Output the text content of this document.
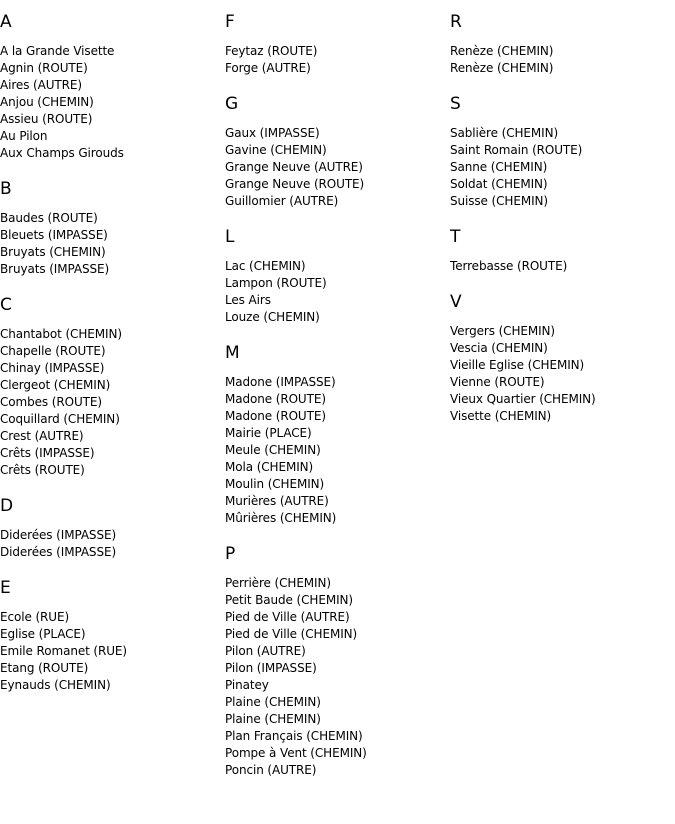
A
A la Grande Visette
Agnin (ROUTE)
Aires (AUTRE)
Anjou (CHEMIN)
Assieu (ROUTE)
Au Pilon
Aux Champs Girouds
B
Baudes (ROUTE)
Bleuets (IMPASSE)
Bruyats (CHEMIN)
Bruyats (IMPASSE)
C
Chantabot (CHEMIN)
Chapelle (ROUTE)
Chinay (IMPASSE)
Clergeot (CHEMIN)
Combes (ROUTE)
Coquillard (CHEMIN)
Crest (AUTRE)
Crêts (IMPASSE)
Crêts (ROUTE)
D
Diderées (IMPASSE)
Diderées (IMPASSE)
E
Ecole (RUE)
Eglise (PLACE)
Emile Romanet (RUE)
Etang (ROUTE)
Eynauds (CHEMIN)
F
Feytaz (ROUTE)
Forge (AUTRE)
G
Gaux (IMPASSE)
Gavine (CHEMIN)
Grange Neuve (AUTRE)
Grange Neuve (ROUTE)
Guillomier (AUTRE)
L
Lac (CHEMIN)
Lampon (ROUTE)
Les Airs
Louze (CHEMIN)
M
Madone (IMPASSE)
Madone (ROUTE)
Madone (ROUTE)
Mairie (PLACE)
Meule (CHEMIN)
Mola (CHEMIN)
Moulin (CHEMIN)
Murières (AUTRE)
Mûrières (CHEMIN)
P
Perrière (CHEMIN)
Petit Baude (CHEMIN)
Pied de Ville (AUTRE)
Pied de Ville (CHEMIN)
Pilon (AUTRE)
Pilon (IMPASSE)
Pinatey
Plaine (CHEMIN)
Plaine (CHEMIN)
Plan Français (CHEMIN)
Pompe à Vent (CHEMIN)
Poncin (AUTRE)
R
Renèze (CHEMIN)
Renèze (CHEMIN)
S
Sablière (CHEMIN)
Saint Romain (ROUTE)
Sanne (CHEMIN)
Soldat (CHEMIN)
Suisse (CHEMIN)
T
Terrebasse (ROUTE)
V
Vergers (CHEMIN)
Vescia (CHEMIN)
Vieille Eglise (CHEMIN)
Vienne (ROUTE)
Vieux Quartier (CHEMIN)
Visette (CHEMIN)
